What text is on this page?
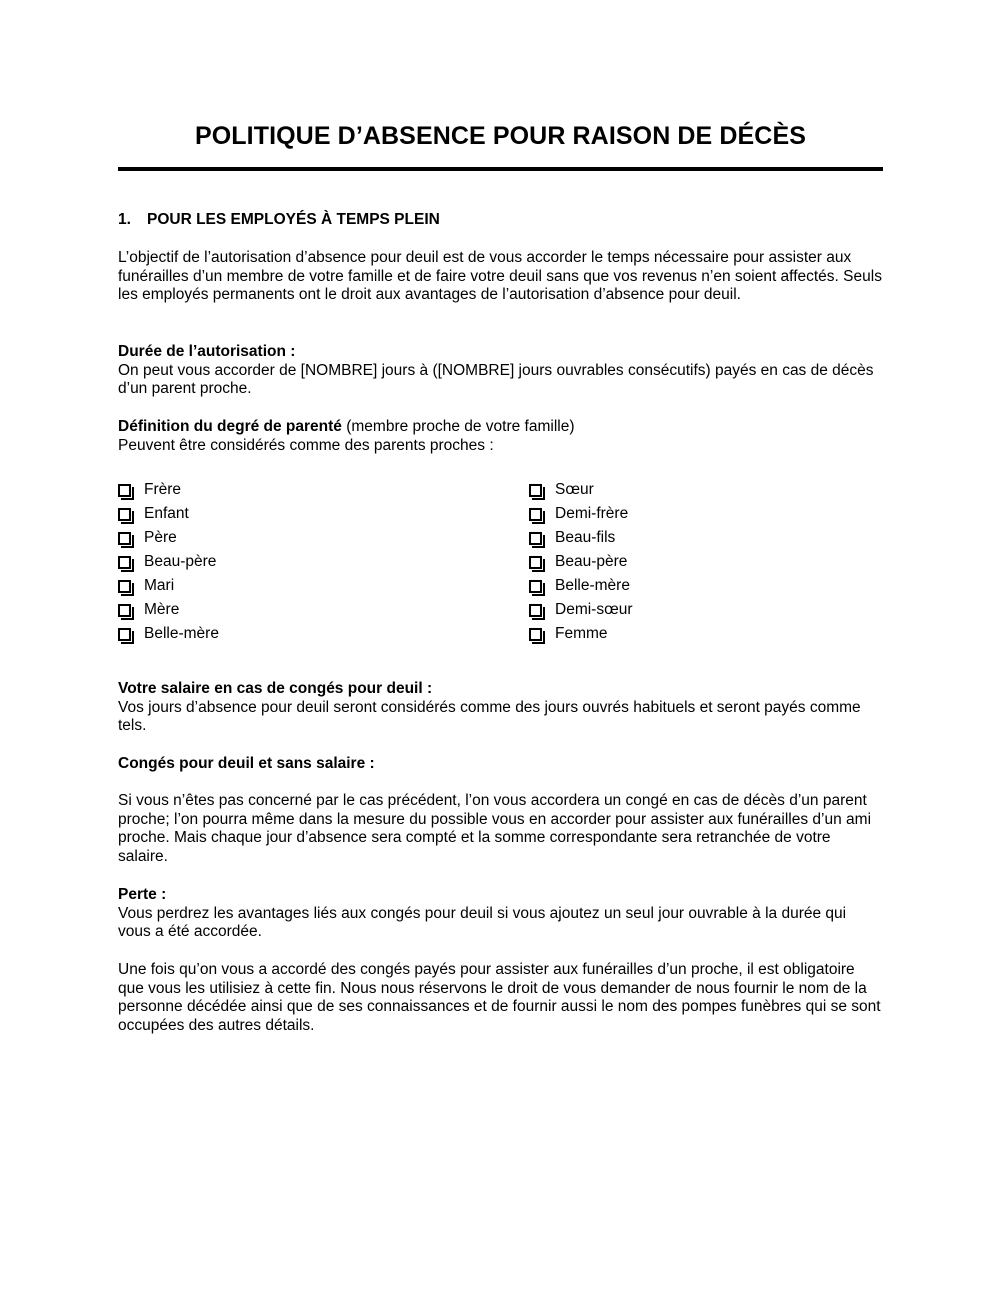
POLITIQUE D’ABSENCE POUR RAISON DE DÉCÈS
1. POUR LES EMPLOYÉS À TEMPS PLEIN

L’objectif de l’autorisation d’absence pour deuil est de vous accorder le temps nécessaire pour assister aux funérailles d’un membre de votre famille et de faire votre deuil sans que vos revenus n’en soient affectés. Seuls les employés permanents ont le droit aux avantages de l’autorisation d’absence pour deuil.

Durée de l’autorisation :

On peut vous accorder de [NOMBRE] jours à ([NOMBRE] jours ouvrables consécutifs) payés en cas de décès d’un parent proche.

Définition du degré de parenté (membre proche de votre famille)

Peuvent être considérés comme des parents proches :

Frère
Enfant
Père
Beau-père
Mari
Mère
Belle-mère
Sœur
Demi-frère
Beau-fils
Beau-père
Belle-mère
Demi-sœur
Femme

Votre salaire en cas de congés pour deuil :

Vos jours d’absence pour deuil seront considérés comme des jours ouvrés habituels et seront payés comme tels.

Congés pour deuil et sans salaire :

Si vous n’êtes pas concerné par le cas précédent, l’on vous accordera un congé en cas de décès d’un parent proche; l’on pourra même dans la mesure du possible vous en accorder pour assister aux funérailles d’un ami proche. Mais chaque jour d’absence sera compté et la somme correspondante sera retranchée de votre salaire.

Perte :

Vous perdrez les avantages liés aux congés pour deuil si vous ajoutez un seul jour ouvrable à la durée qui vous a été accordée.

Une fois qu’on vous a accordé des congés payés pour assister aux funérailles d’un proche, il est obligatoire que vous les utilisiez à cette fin. Nous nous réservons le droit de vous demander de nous fournir le nom de la personne décédée ainsi que de ses connaissances et de fournir aussi le nom des pompes funèbres qui se sont occupées des autres détails.
